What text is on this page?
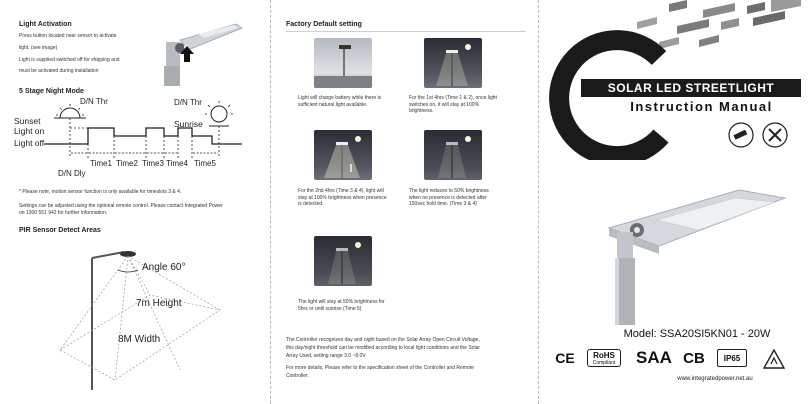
Light Activation
Press button located near sensor to activate
light. (see image)
Light is supplied switched off for shipping and
must be activated during installation
5 Stage Night Mode
D/N Thr	D/N Thr
Sunset	Sunrise
Light on
Light off
Time1 Time2 Time3 Time4 Time5
D/N Dly
* Please note, motion sensor function is only available for timeslots 3 & 4.
Settings can be adjusted using the optional remote control. Please contact Integrated Power
on 1300 551 942 for further information.
PIR Sensor Detect Areas
Angle 60°
7m Height
8M Width
Factory Default setting
Light will charge battery while there is
sufficient natural light available.
For the 1st 4hrs (Time 1 & 2), once light
switches on, it will stay at 100%
brightness.
For the 2nd 4hrs (Time 3 & 4), light will
stay at 100% brightness when presence
is detected.
The light reduces to 50% brightness
when no presence is detected after
150sec hold time. (Time 3 & 4)
The light will stay at 50% brightness for
5hrs or until sunrise (Time 5)
The Controller recognizes day and night based on the Solar Array Open Circuit Voltage,
this day/night threshold can be modified according to local light conditions and the Solar
Array Used, setting range 3.0 ~8.0V
For more details, Please refer to the specification sheet of the Controller and Remote
Controller.
SOLAR LED STREETLIGHT
Instruction Manual
Model: SSA20SI5KN01 - 20W
CE RoHS
Compliant SAA CB	IP65
www.integratedpower.net.au
